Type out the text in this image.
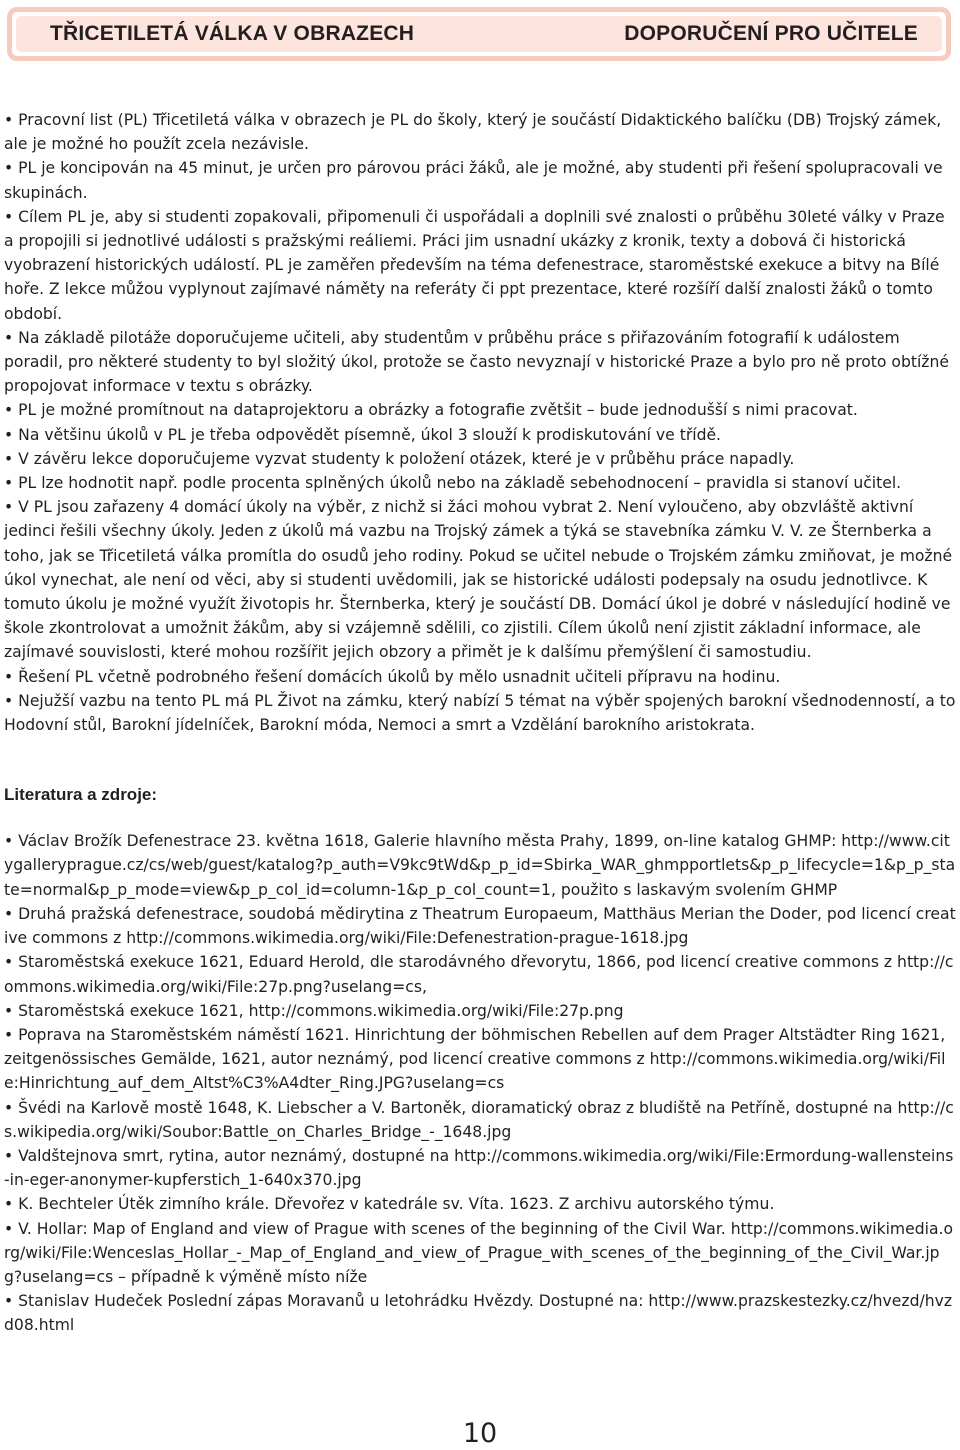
TŘICETILETÁ VÁLKA V OBRAZECH	DOPORUČENÍ PRO UČITELE
• Pracovní list (PL) Třicetiletá válka v obrazech je PL do školy, který je součástí Didaktického balíčku (DB) Trojský zámek, ale je možné ho použít zcela nezávisle.
• PL je koncipován na 45 minut, je určen pro párovou práci žáků, ale je možné, aby studenti při řešení spolupracovali ve skupinách.
• Cílem PL je, aby si studenti zopakovali, připomenuli či uspořádali a doplnili své znalosti o průběhu 30leté války v Praze a propojili si jednotlivé události s pražskými reáliemi. Práci jim usnadní ukázky z kronik, texty a dobová či historická vyobrazení historických událostí. PL je zaměřen především na téma defenestrace, staroměstské exekuce a bitvy na Bílé hoře. Z lekce můžou vyplynout zajímavé náměty na referáty či ppt prezentace, které rozšíří další znalosti žáků o tomto období.
• Na základě pilotáže doporučujeme učiteli, aby studentům v průběhu práce s přiřazováním fotografií k událostem poradil, pro některé studenty to byl složitý úkol, protože se často nevyznají v historické Praze a bylo pro ně proto obtížné propojovat informace v textu s obrázky.
• PL je možné promítnout na dataprojektoru a obrázky a fotografie zvětšit – bude jednodušší s nimi pracovat.
• Na většinu úkolů v PL je třeba odpovědět písemně, úkol 3 slouží k prodiskutování ve třídě.
• V závěru lekce doporučujeme vyzvat studenty k položení otázek, které je v průběhu práce napadly.
• PL lze hodnotit např. podle procenta splněných úkolů nebo na základě sebehodnocení – pravidla si stanoví učitel.
• V PL jsou zařazeny 4 domácí úkoly na výběr, z nichž si žáci mohou vybrat 2. Není vyloučeno, aby obzvláště aktivní jedinci řešili všechny úkoly. Jeden z úkolů má vazbu na Trojský zámek a týká se stavebníka zámku V. V. ze Šternberka a toho, jak se Třicetiletá válka promítla do osudů jeho rodiny. Pokud se učitel nebude o Trojském zámku zmiňovat, je možné úkol vynechat, ale není od věci, aby si studenti uvědomili, jak se historické události podepsaly na osudu jednotlivce. K tomuto úkolu je možné využít životopis hr. Šternberka, který je součástí DB. Domácí úkol je dobré v následující hodině ve škole zkontrolovat a umožnit žákům, aby si vzájemně sdělili, co zjistili. Cílem úkolů není zjistit základní informace, ale zajímavé souvislosti, které mohou rozšířit jejich obzory a přimět je k dalšímu přemýšlení či samostudiu.
• Řešení PL včetně podrobného řešení domácích úkolů by mělo usnadnit učiteli přípravu na hodinu.
• Nejužší vazbu na tento PL má PL Život na zámku, který nabízí 5 témat na výběr spojených barokní všednodenností, a to Hodovní stůl, Barokní jídelníček, Barokní móda, Nemoci a smrt a Vzdělání barokního aristokrata.
Literatura a zdroje:
• Václav Brožík Defenestrace 23. května 1618, Galerie hlavního města Prahy, 1899, on-line katalog GHMP: http://www.citygalleryprague.cz/cs/web/guest/katalog?p_auth=V9kc9tWd&p_p_id=Sbirka_WAR_ghmpportlets&p_p_lifecycle=1&p_p_state=normal&p_p_mode=view&p_p_col_id=column-1&p_p_col_count=1, použito s laskavým svolením GHMP
• Druhá pražská defenestrace, soudobá mědirytina z Theatrum Europaeum, Matthäus Merian the Doder, pod licencí creative commons z http://commons.wikimedia.org/wiki/File:Defenestration-prague-1618.jpg
• Staroměstská exekuce 1621, Eduard Herold, dle starodávného dřevorytu, 1866, pod licencí creative commons z http://commons.wikimedia.org/wiki/File:27p.png?uselang=cs,
• Staroměstská exekuce 1621, http://commons.wikimedia.org/wiki/File:27p.png
• Poprava na Staroměstském náměstí 1621. Hinrichtung der böhmischen Rebellen auf dem Prager Altstädter Ring 1621, zeitgenössisches Gemälde, 1621, autor neznámý, pod licencí creative commons z http://commons.wikimedia.org/wiki/File:Hinrichtung_auf_dem_Altst%C3%A4dter_Ring.JPG?uselang=cs
• Švédi na Karlově mostě 1648, K. Liebscher a V. Bartoněk, dioramatický obraz z bludiště na Petříně, dostupné na http://cs.wikipedia.org/wiki/Soubor:Battle_on_Charles_Bridge_-_1648.jpg
• Valdštejnova smrt, rytina, autor neznámý, dostupné na http://commons.wikimedia.org/wiki/File:Ermordung-wallensteins-in-eger-anonymer-kupferstich_1-640x370.jpg
• K. Bechteler Útěk zimního krále. Dřevořez v katedrále sv. Víta. 1623. Z archivu autorského týmu.
• V. Hollar: Map of England and view of Prague with scenes of the beginning of the Civil War. http://commons.wikimedia.org/wiki/File:Wenceslas_Hollar_-_Map_of_England_and_view_of_Prague_with_scenes_of_the_beginning_of_the_Civil_War.jpg?uselang=cs – případně k výměně místo níže
• Stanislav Hudeček Poslední zápas Moravanů u letohrádku Hvězdy. Dostupné na: http://www.prazskestezky.cz/hvezd/hvzd08.html
10
